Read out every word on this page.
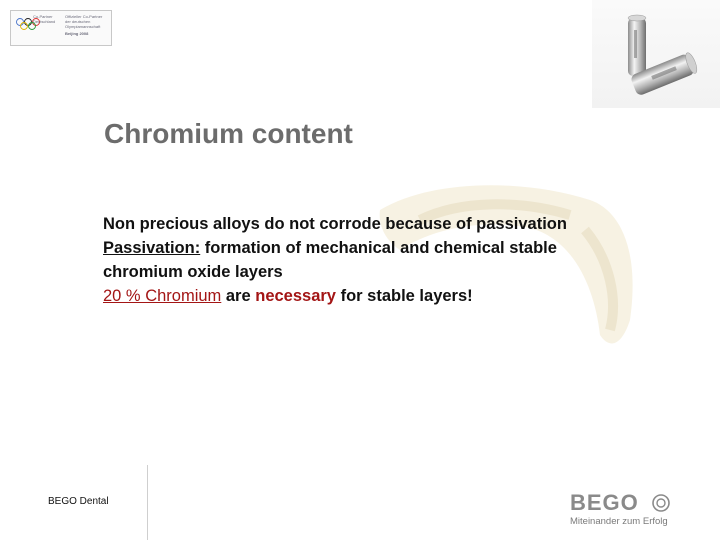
Co-Partner
Deutschland
Offizieller Co-Partner
der deutschen
Olympiamannschaft
Beijing 2008
Chromium content

Non precious alloys do not corrode because of passivation

Passivation: formation of mechanical and chemical stable chromium oxide layers

20 % Chromium are necessary for stable layers!

BEGO Dental	BEGO
Miteinander zum Erfolg
